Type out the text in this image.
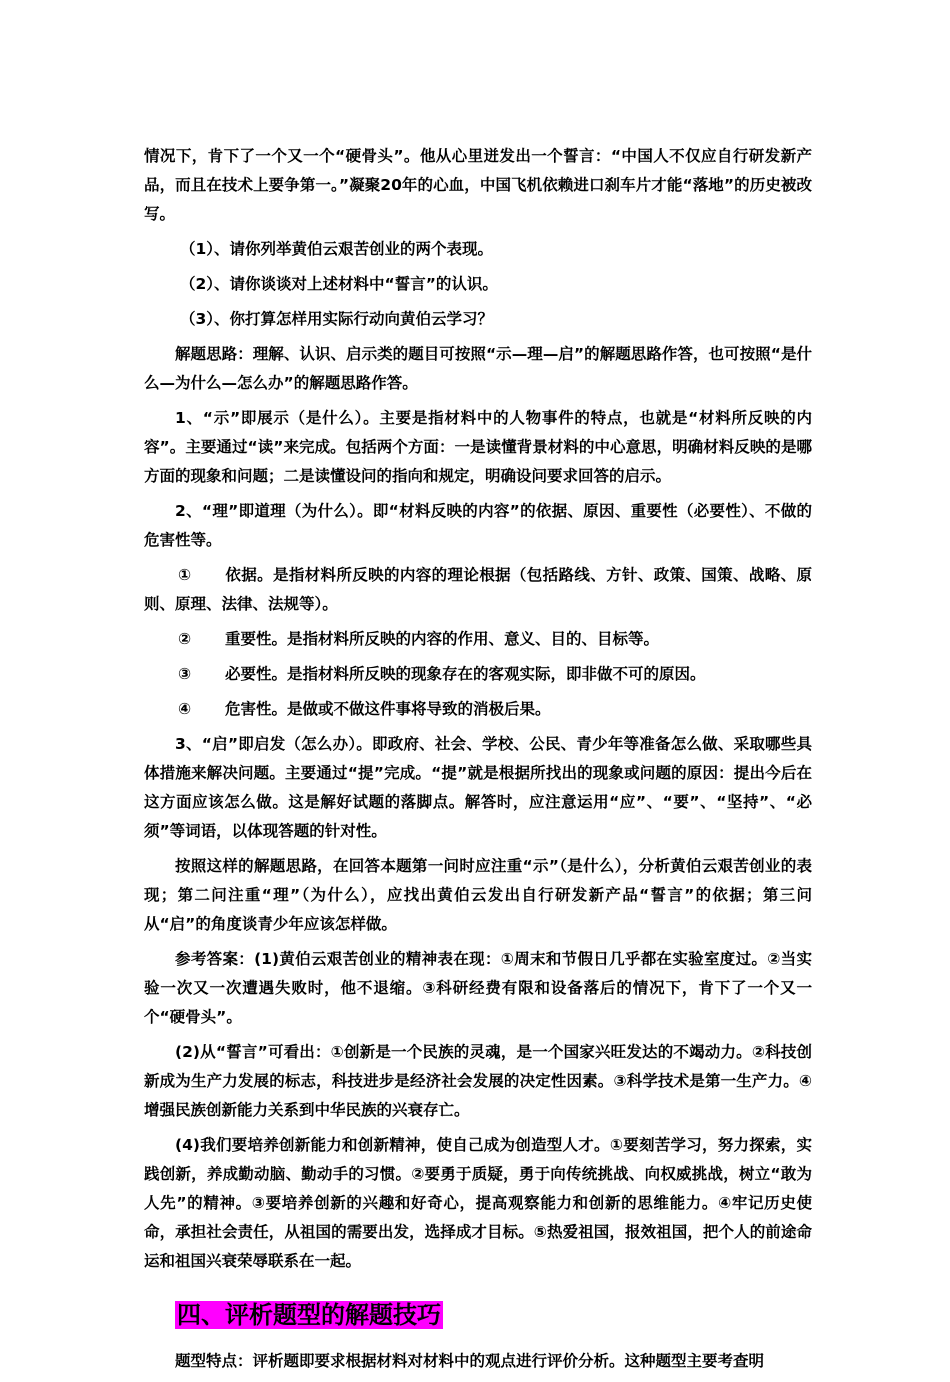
情况下，肯下了一个又一个“硬骨头”。他从心里迸发出一个誓言：“中国人不仅应自行研发新产品，而且在技术上要争第一。”凝聚20年的心血，中国飞机依赖进口刹车片才能“落地”的历史被改写。

（1）、请你列举黄伯云艰苦创业的两个表现。

（2）、请你谈谈对上述材料中“誓言”的认识。

（3）、你打算怎样用实际行动向黄伯云学习？

解题思路：理解、认识、启示类的题目可按照“示—理—启”的解题思路作答，也可按照“是什么—为什么—怎么办”的解题思路作答。

1、“示”即展示（是什么）。主要是指材料中的人物事件的特点，也就是“材料所反映的内容”。主要通过“读”来完成。包括两个方面：一是读懂背景材料的中心意思，明确材料反映的是哪方面的现象和问题；二是读懂设问的指向和规定，明确设问要求回答的启示。

2、“理”即道理（为什么）。即“材料反映的内容”的依据、原因、重要性（必要性）、不做的危害性等。

① 依据。是指材料所反映的内容的理论根据（包括路线、方针、政策、国策、战略、原则、原理、法律、法规等）。

②	重要性。是指材料所反映的内容的作用、意义、目的、目标等。

③	必要性。是指材料所反映的现象存在的客观实际，即非做不可的原因。

④	危害性。是做或不做这件事将导致的消极后果。

3、“启”即启发（怎么办）。即政府、社会、学校、公民、青少年等准备怎么做、采取哪些具体措施来解决问题。主要通过“提”完成。“提”就是根据所找出的现象或问题的原因：提出今后在这方面应该怎么做。这是解好试题的落脚点。解答时，应注意运用“应”、“要”、“坚持”、“必须”等词语，以体现答题的针对性。

按照这样的解题思路，在回答本题第一问时应注重“示”（是什么），分析黄伯云艰苦创业的表现；第二问注重“理”（为什么），应找出黄伯云发出自行研发新产品“誓言”的依据；第三问从“启”的角度谈青少年应该怎样做。

参考答案：(1)黄伯云艰苦创业的精神表在现：①周末和节假日几乎都在实验室度过。②当实验一次又一次遭遇失败时，他不退缩。③科研经费有限和设备落后的情况下，肯下了一个又一个“硬骨头”。

(2)从“誓言”可看出：①创新是一个民族的灵魂，是一个国家兴旺发达的不竭动力。②科技创新成为生产力发展的标志，科技进步是经济社会发展的决定性因素。③科学技术是第一生产力。④增强民族创新能力关系到中华民族的兴衰存亡。

(4)我们要培养创新能力和创新精神，使自己成为创造型人才。①要刻苦学习，努力探索，实践创新，养成勤动脑、勤动手的习惯。②要勇于质疑，勇于向传统挑战、向权威挑战，树立“敢为人先”的精神。③要培养创新的兴趣和好奇心，提高观察能力和创新的思维能力。④牢记历史使命，承担社会责任，从祖国的需要出发，选择成才目标。⑤热爱祖国，报效祖国，把个人的前途命运和祖国兴衰荣辱联系在一起。

四、评析题型的解题技巧

题型特点：评析题即要求根据材料对材料中的观点进行评价分析。这种题型主要考查明
